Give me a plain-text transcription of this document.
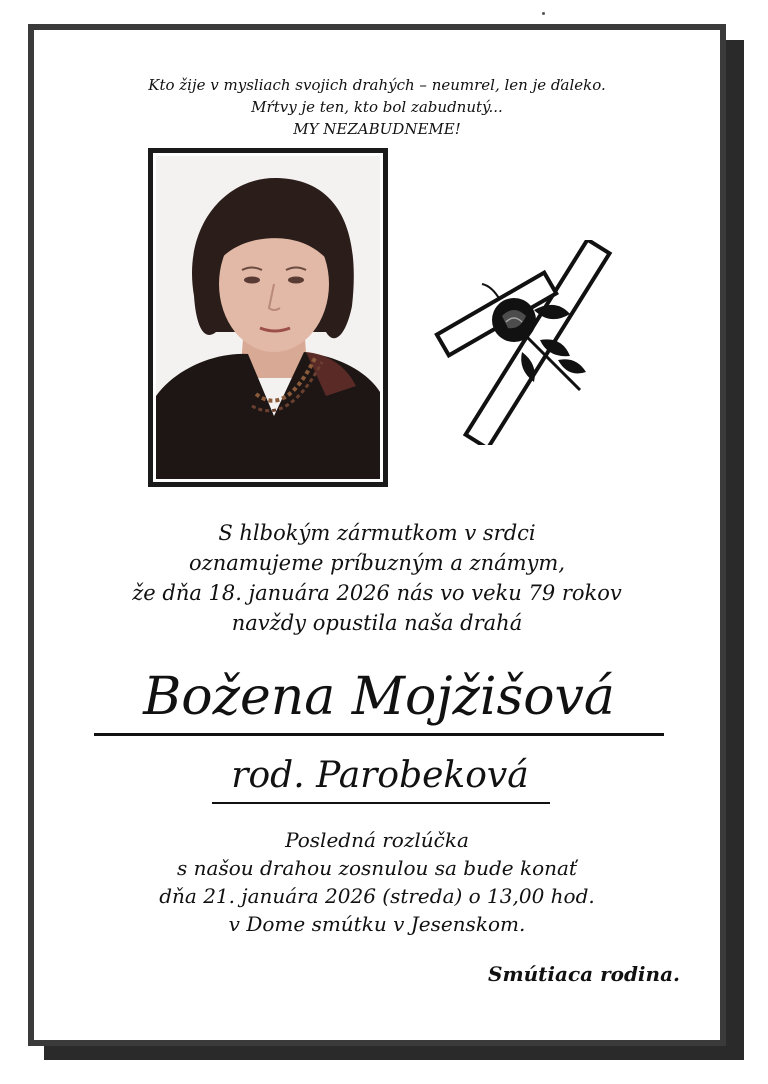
Kto žije v mysliach svojich drahých – neumrel, len je ďaleko.
Mŕtvy je ten, kto bol zabudnutý...
MY NEZABUDNEME!
S hlbokým zármutkom v srdci
oznamujeme príbuzným a známym,
že dňa 18. januára 2026 nás vo veku 79 rokov
navždy opustila naša drahá
Božena Mojžišová
rod. Parobeková
Posledná rozlúčka
s našou drahou zosnulou sa bude konať
dňa 21. januára 2026 (streda) o 13,00 hod.
v Dome smútku v Jesenskom.
Smútiaca rodina.
